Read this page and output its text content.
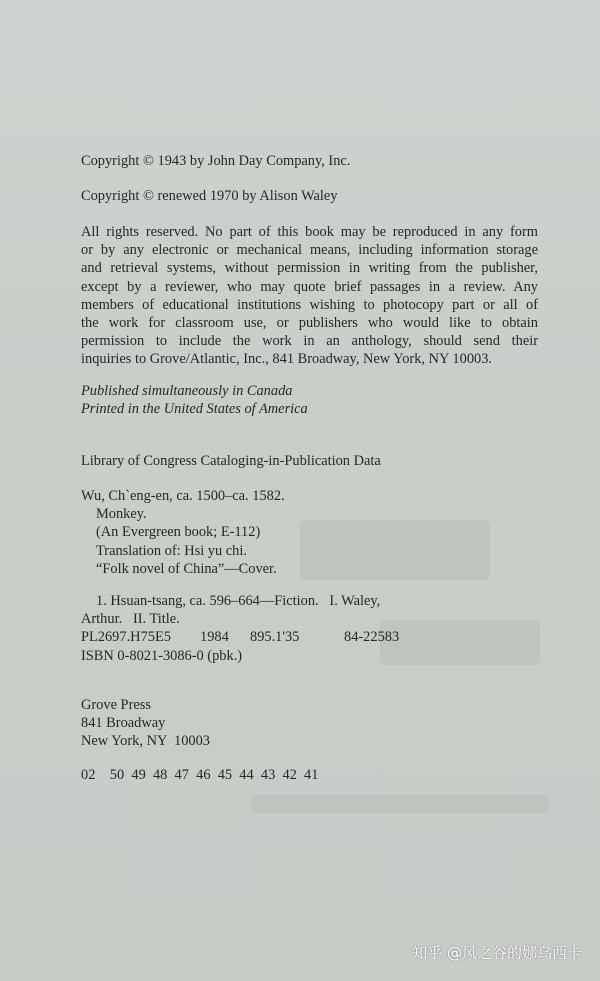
Copyright © 1943 by John Day Company, Inc.
Copyright © renewed 1970 by Alison Waley
All rights reserved. No part of this book may be reproduced in any form
or by any electronic or mechanical means, including information storage
and retrieval systems, without permission in writing from the publisher,
except by a reviewer, who may quote brief passages in a review. Any
members of educational institutions wishing to photocopy part or all of
the work for classroom use, or publishers who would like to obtain
permission to include the work in an anthology, should send their
inquiries to Grove/Atlantic, Inc., 841 Broadway, New York, NY 10003.
Published simultaneously in Canada
Printed in the United States of America
Library of Congress Cataloging-in-Publication Data
Wu, Ch`eng-en, ca. 1500–ca. 1582.
Monkey.
(An Evergreen book; E-112)
Translation of: Hsi yu chi.
“Folk novel of China”—Cover.
1. Hsuan-tsang, ca. 596–664—Fiction.   I. Waley,
Arthur.   II. Title.
PL2697.H75E5 1984 895.1'35	84-22583
ISBN 0-8021-3086-0 (pbk.)
Grove Press
841 Broadway
New York, NY  10003
02    50  49  48  47  46  45  44  43  42  41
知乎 @风之谷的娜乌西卡
